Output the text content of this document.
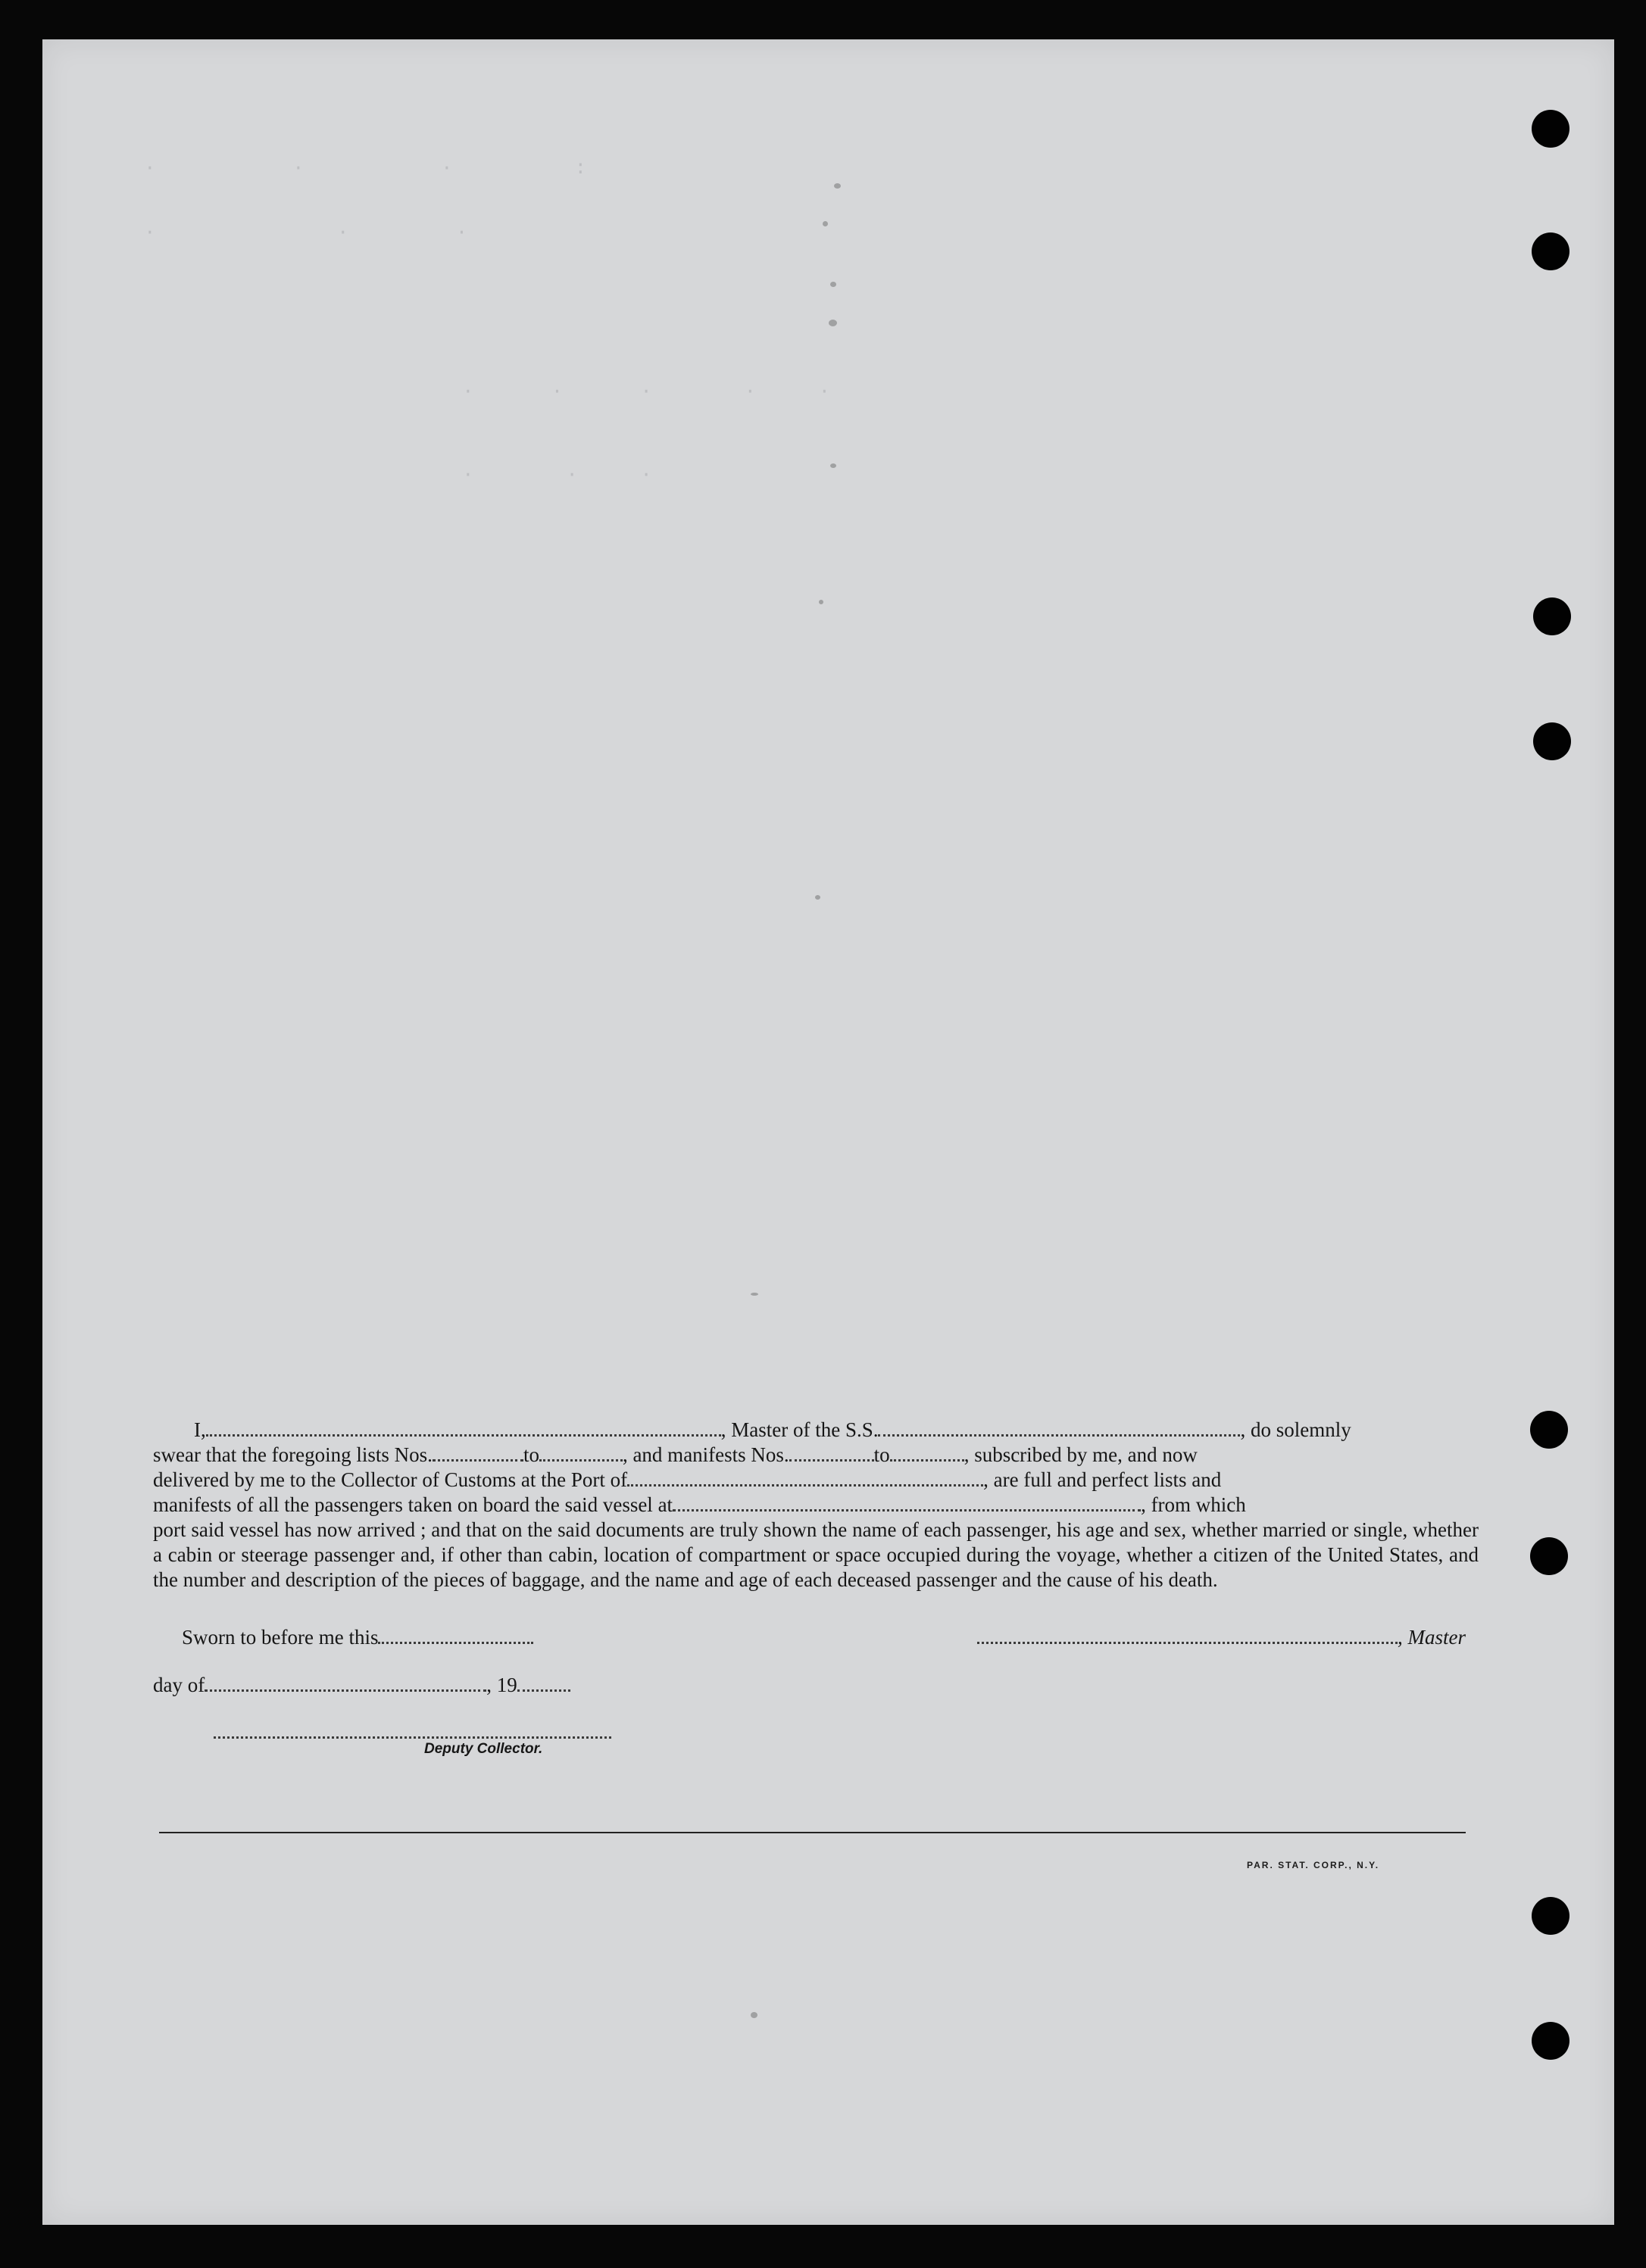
:        ·         ·         ·
·       ·            ·
·    ·      ·     ·     ·
·    ·      ·
I,	, Master of the S.S.	, do solemnly
swear that the foregoing lists Nos.	to	, and manifests Nos.	to	, subscribed by me, and now
delivered by me to the Collector of Customs at the Port of	, are full and perfect lists and
manifests of all the passengers taken on board the said vessel at	, from which
port said vessel has now arrived ; and that on the said documents are truly shown the name of each passenger, his age and sex, whether married or single, whether a cabin or steerage passenger and, if other than cabin, location of compartment or space occupied during the voyage, whether a citizen of the United States, and the number and description of the pieces of baggage, and the name and age of each deceased passenger and the cause of his death.
Sworn to before me this	, Master
day of	, 19
Deputy Collector.
PAR. STAT. CORP., N.Y.
